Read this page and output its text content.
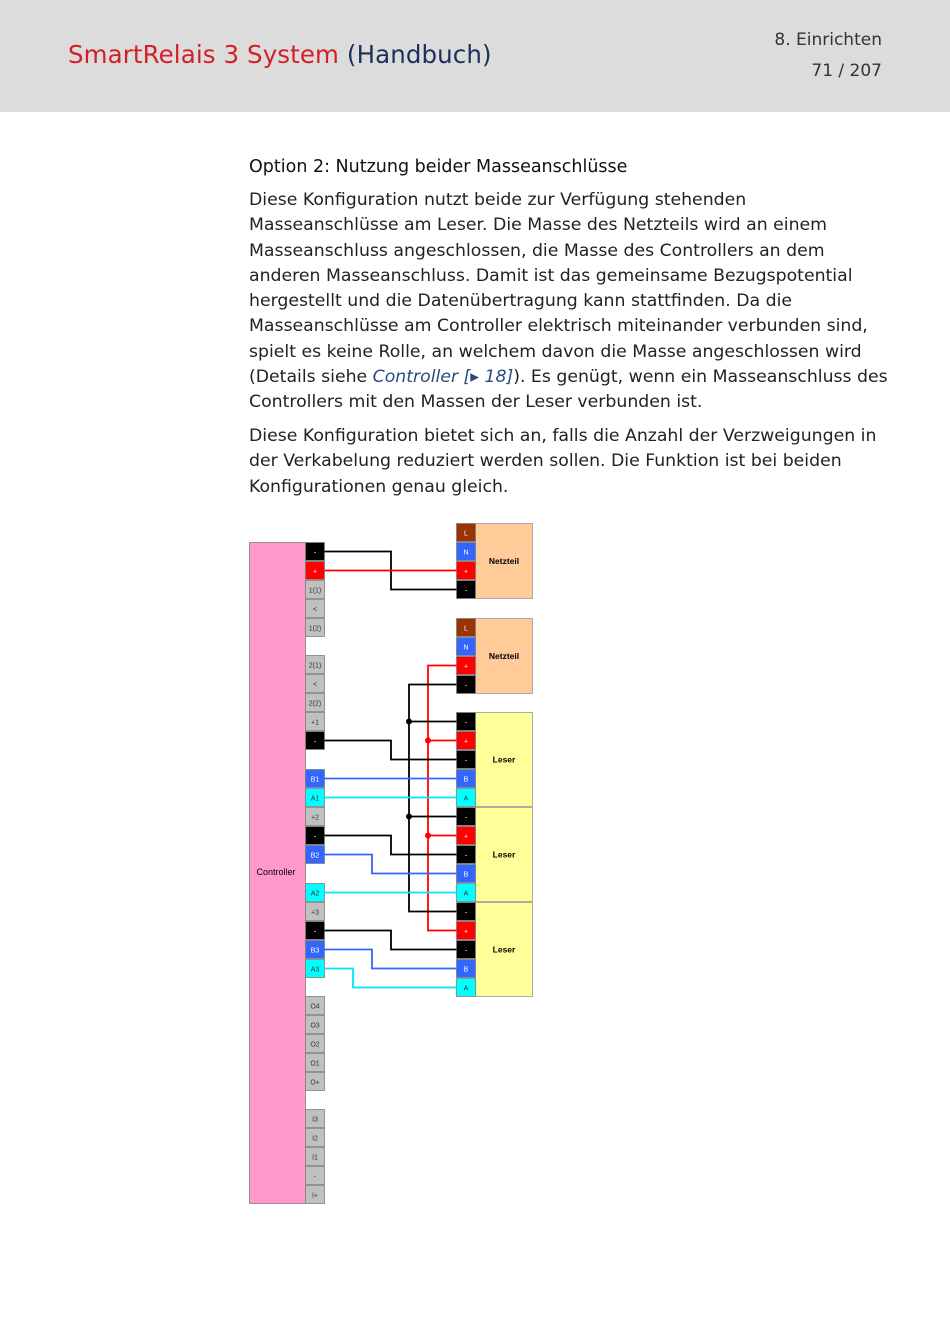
SmartRelais 3 System (Handbuch)	8. Einrichten
71 / 207
Option 2: Nutzung beider Masseanschlüsse
Diese Konfiguration nutzt beide zur Verfügung stehenden Masseanschlüsse am Leser. Die Masse des Netzteils wird an einem Masseanschluss angeschlossen, die Masse des Controllers an dem anderen Masseanschluss. Damit ist das gemeinsame Bezugspotential hergestellt und die Datenübertragung kann stattfinden. Da die Masseanschlüsse am Controller elektrisch miteinander verbunden sind, spielt es keine Rolle, an welchem davon die Masse angeschlossen wird (Details siehe Controller [▸ 18]). Es genügt, wenn ein Masseanschluss des Controllers mit den Massen der Leser verbunden ist.
Diese Konfiguration bietet sich an, falls die Anzahl der Verzweigungen in der Verkabelung reduziert werden sollen. Die Funktion ist bei beiden Konfigurationen genau gleich.
Controller
-
+
1(1)
<
1(2)
2(1)
<
2(2)
+1
-
B1
A1
+2
-
B2
A2
+3
-
B3
A3
O4
O3
O2
O1
O+
I3
I2
I1
-
I+
Netzteil
L
N
+
-
Netzteil
L
N
+
-
Leser
-
+
-
B
A
Leser
-
+
-
B
A
Leser
-
+
-
B
A
